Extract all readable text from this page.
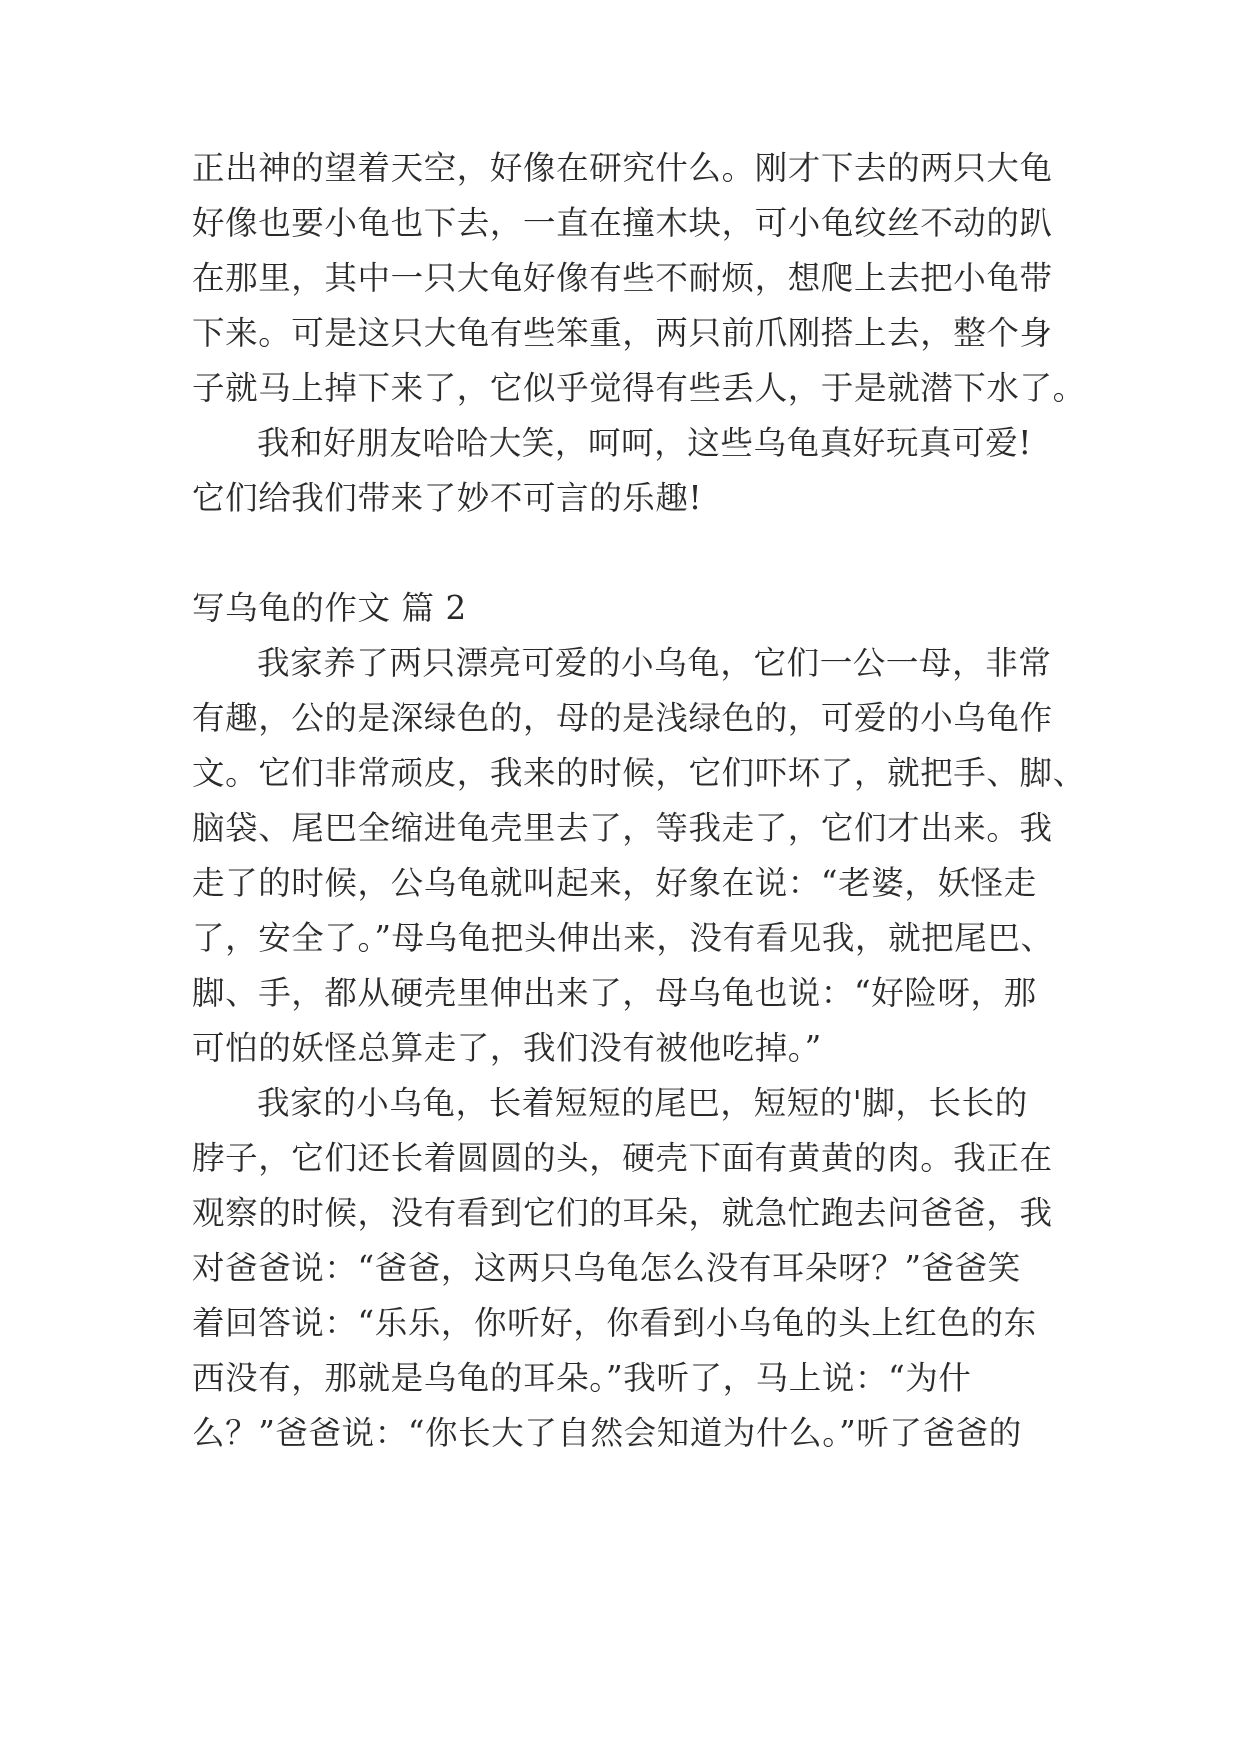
正出神的望着天空，好像在研究什么。刚才下去的两只大龟
好像也要小龟也下去，一直在撞木块，可小龟纹丝不动的趴
在那里，其中一只大龟好像有些不耐烦，想爬上去把小龟带
下来。可是这只大龟有些笨重，两只前爪刚搭上去，整个身
子就马上掉下来了，它似乎觉得有些丢人，于是就潜下水了。
我和好朋友哈哈大笑，呵呵，这些乌龟真好玩真可爱!
它们给我们带来了妙不可言的乐趣!
写乌龟的作文 篇 2
我家养了两只漂亮可爱的小乌龟，它们一公一母，非常
有趣，公的是深绿色的，母的是浅绿色的，可爱的小乌龟作
文。它们非常顽皮，我来的时候，它们吓坏了，就把手、脚、
脑袋、尾巴全缩进龟壳里去了，等我走了，它们才出来。我
走了的时候，公乌龟就叫起来，好象在说：“老婆，妖怪走
了，安全了。”母乌龟把头伸出来，没有看见我，就把尾巴、
脚、手，都从硬壳里伸出来了，母乌龟也说：“好险呀，那
可怕的妖怪总算走了，我们没有被他吃掉。”
我家的小乌龟，长着短短的尾巴，短短的'脚，长长的
脖子，它们还长着圆圆的头，硬壳下面有黄黄的肉。我正在
观察的时候，没有看到它们的耳朵，就急忙跑去问爸爸，我
对爸爸说：“爸爸，这两只乌龟怎么没有耳朵呀？”爸爸笑
着回答说：“乐乐，你听好，你看到小乌龟的头上红色的东
西没有，那就是乌龟的耳朵。”我听了，马上说：“为什
么？”爸爸说：“你长大了自然会知道为什么。”听了爸爸的
